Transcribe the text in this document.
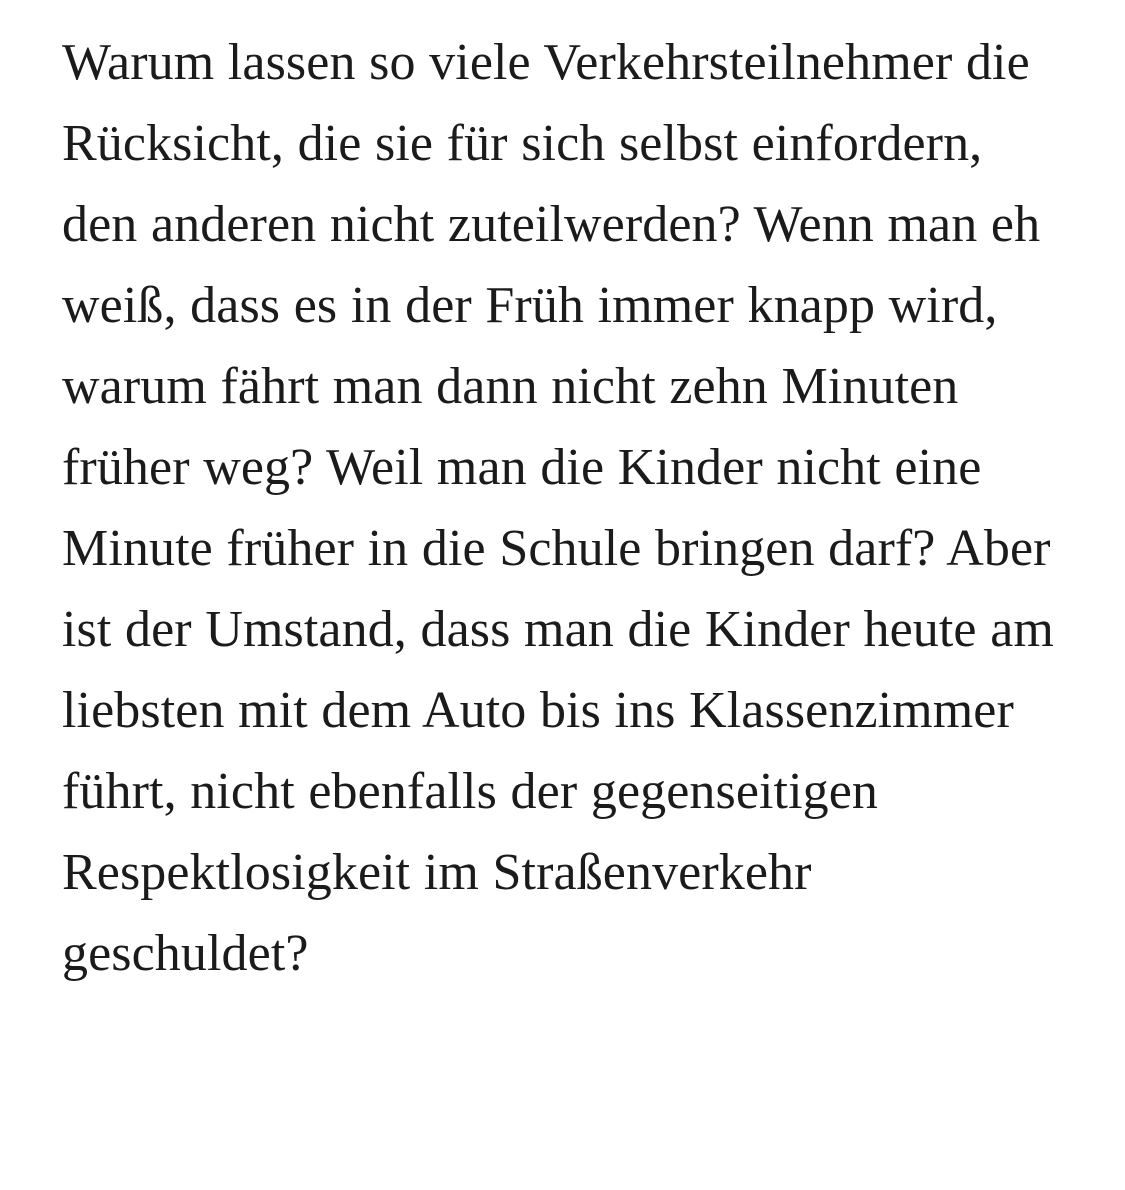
Warum lassen so viele Verkehrsteilnehmer die Rücksicht, die sie für sich selbst einfordern, den anderen nicht zuteilwerden? Wenn man eh weiß, dass es in der Früh immer knapp wird, warum fährt man dann nicht zehn Minuten früher weg? Weil man die Kinder nicht eine Minute früher in die Schule bringen darf? Aber ist der Umstand, dass man die Kinder heute am liebsten mit dem Auto bis ins Klassenzimmer führt, nicht ebenfalls der gegenseitigen Respektlosigkeit im Straßenverkehr geschuldet?
